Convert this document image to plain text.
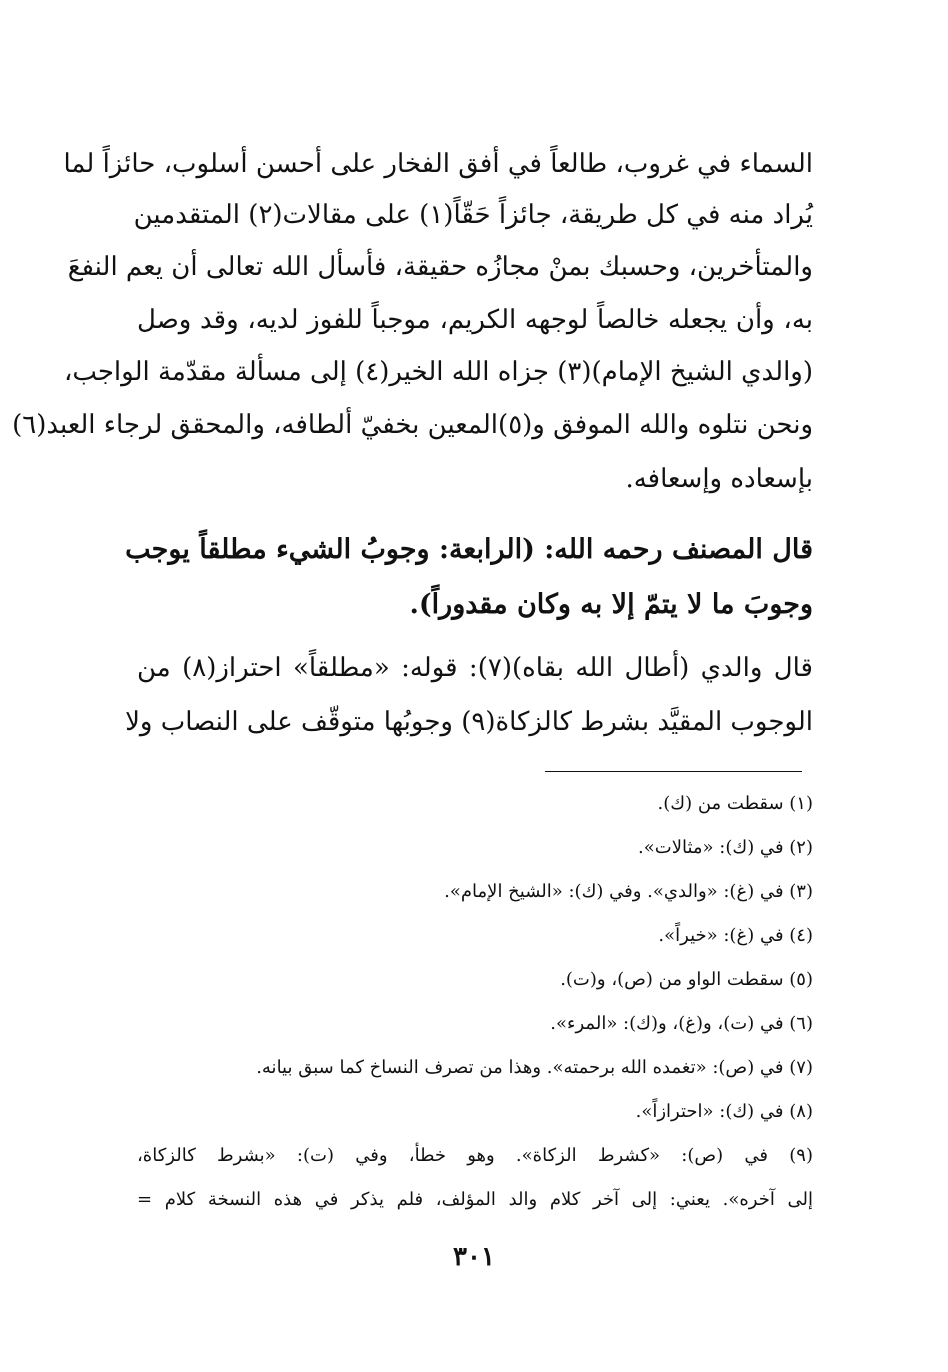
السماء في غروب، طالعاً في أفق الفخار على أحسن أسلوب، حائزاً لما
يُراد منه في كل طريقة، جائزاً حَقّاً(١) على مقالات(٢) المتقدمين
والمتأخرين، وحسبك بمنْ مجازُه حقيقة، فأسأل الله تعالى أن يعم النفعَ
به، وأن يجعله خالصاً لوجهه الكريم، موجباً للفوز لديه، وقد وصل
(والدي الشيخ الإمام)(٣) جزاه الله الخير(٤) إلى مسألة مقدّمة الواجب،
ونحن نتلوه والله الموفق و(٥)المعين بخفيّ ألطافه، والمحقق لرجاء العبد(٦)
بإسعاده وإسعافه.
قال المصنف رحمه الله: (الرابعة: وجوبُ الشيء مطلقاً يوجب
وجوبَ ما لا يتمّ إلا به وكان مقدوراً).
قال والدي (أطال الله بقاه)(٧): قوله: «مطلقاً» احتراز(٨) من
الوجوب المقيَّد بشرط كالزكاة(٩) وجوبُها متوقّف على النصاب ولا
(١) سقطت من (ك).
(٢) في (ك): «مثالات».
(٣) في (غ): «والدي». وفي (ك): «الشيخ الإمام».
(٤) في (غ): «خيراً».
(٥) سقطت الواو من (ص)، و(ت).
(٦) في (ت)، و(غ)، و(ك): «المرء».
(٧) في (ص): «تغمده الله برحمته». وهذا من تصرف النساخ كما سبق بيانه.
(٨) في (ك): «احترازاً».
(٩) في (ص): «كشرط الزكاة». وهو خطأ، وفي (ت): «بشرط كالزكاة،
إلى آخره». يعني: إلى آخر كلام والد المؤلف، فلم يذكر في هذه النسخة كلام =
٣٠١
